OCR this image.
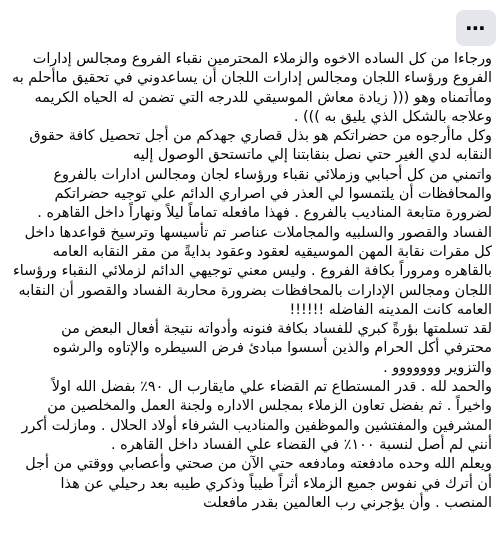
⋯

ورجاءا من كل الساده الاخوه والزملاء المحترمين نقباء الفروع ومجالس إدارات الفروع ورؤساء اللجان ومجالس إدارات اللجان أن يساعدوني في تحقيق ماأحلم به وماأتمناه وهو ((( زيادة معاش الموسيقي للدرجه التي تضمن له الحياه الكريمه وعلاجه بالشكل الذي يليق به ))) .

وكل ماأرجوه من حضراتكم هو بذل قصاري جهدكم من أجل تحصيل كافة حقوق النقابه لدي الغير حتي نصل بنقابتنا إلي ماتستحق الوصول إليه

واتمني من كل أحبابي وزملائي نقباء ورؤساء لجان ومجالس ادارات بالفروع والمحافظات أن يلتمسوا لي العذر في اصراري الدائم علي توجيه حضراتكم لضرورة متابعة المناديب بالفروع . فهذا مافعله تماماً ليلاً ونهاراً داخل القاهره .

الفساد والقصور والسلبيه والمجاملات عناصر تم تأسيسها وترسيخ قواعدها داخل كل مقرات نقابة المهن الموسيقيه لعقود وعقود بدايةً من مقر النقابه العامه بالقاهره ومروراً بكافة الفروع . وليس معني توجيهي الدائم لزملائي النقباء ورؤساء اللجان ومجالس الإدارات بالمحافظات بضرورة محاربة الفساد والقصور أن النقابه العامه كانت المدينه الفاضله !!!!!!

لقد تسلمتها بؤرةً كبري للفساد بكافة فنونه وأدواته نتيجة أفعال البعض من محترفي أكل الحرام والذين أسسوا مبادئ فرض السيطره والإتاوه والرشوه والتزوير ووووووو .

والحمد لله . قدر المستطاع تم القضاء علي مايقارب ال ٩٠٪ بفضل الله اولاً واخيراً . ثم بفضل تعاون الزملاء بمجلس الاداره ولجنة العمل والمخلصين من المشرفين والمفتشين والموظفين والمناديب الشرفاء أولاد الحلال . ومازلت أكرر أنني لم أصل لنسبة ١٠٠٪ في القضاء علي الفساد داخل القاهره .

ويعلم الله وحده مادفعته ومادفعه حتي الآن من صحتي وأعصابي ووقتي من أجل أن أترك في نفوس جميع الزملاء أثراً طيباً وذكري طيبه بعد رحيلي عن هذا المنصب . وأن يؤجرني رب العالمين بقدر مافعلت
